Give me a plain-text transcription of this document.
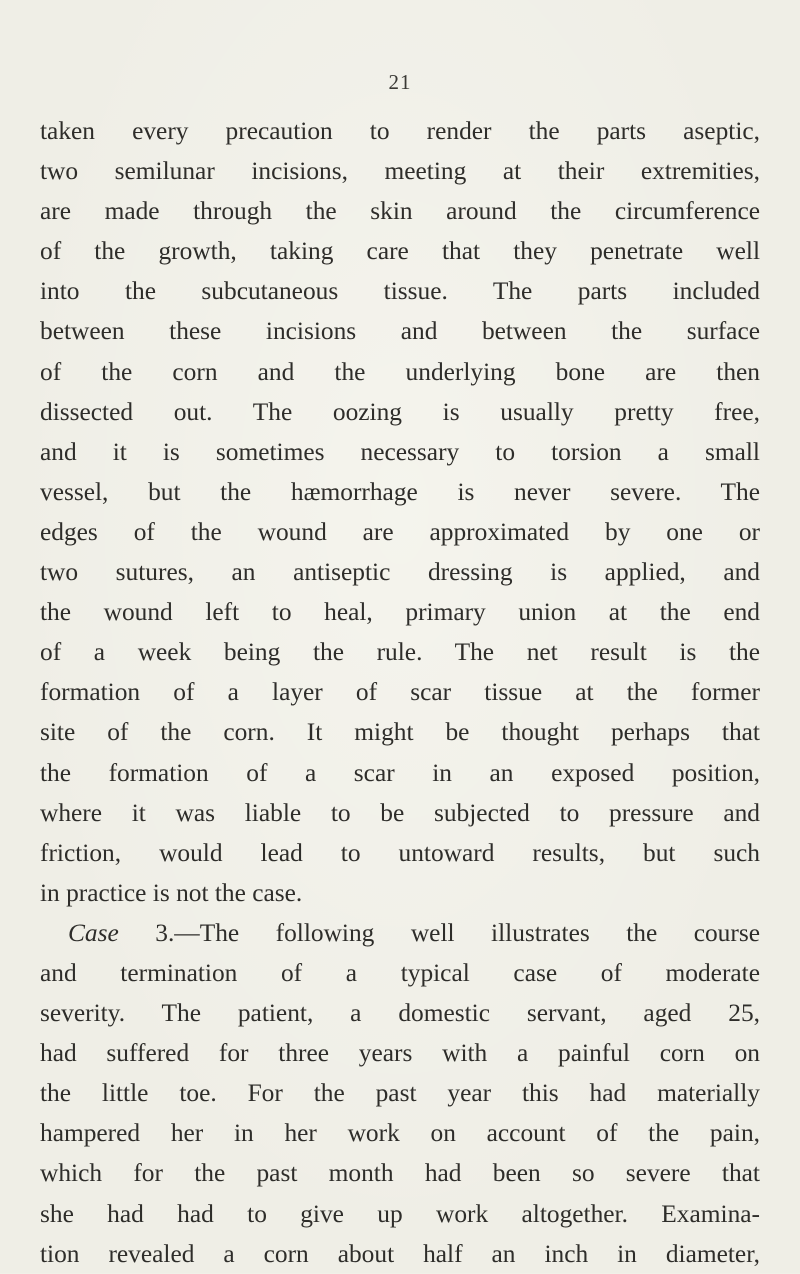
21
taken every precaution to render the parts aseptic,
two semilunar incisions, meeting at their extremities,
are made through the skin around the circumference
of the growth, taking care that they penetrate well
into the subcutaneous tissue. The parts included
between these incisions and between the surface
of the corn and the underlying bone are then
dissected out. The oozing is usually pretty free,
and it is sometimes necessary to torsion a small
vessel, but the hæmorrhage is never severe. The
edges of the wound are approximated by one or
two sutures, an antiseptic dressing is applied, and
the wound left to heal, primary union at the end
of a week being the rule. The net result is the
formation of a layer of scar tissue at the former
site of the corn. It might be thought perhaps that
the formation of a scar in an exposed position,
where it was liable to be subjected to pressure and
friction, would lead to untoward results, but such
in practice is not the case.
Case 3.—The following well illustrates the course
and termination of a typical case of moderate
severity. The patient, a domestic servant, aged 25,
had suffered for three years with a painful corn on
the little toe. For the past year this had materially
hampered her in her work on account of the pain,
which for the past month had been so severe that
she had had to give up work altogether. Examina-
tion revealed a corn about half an inch in diameter,
